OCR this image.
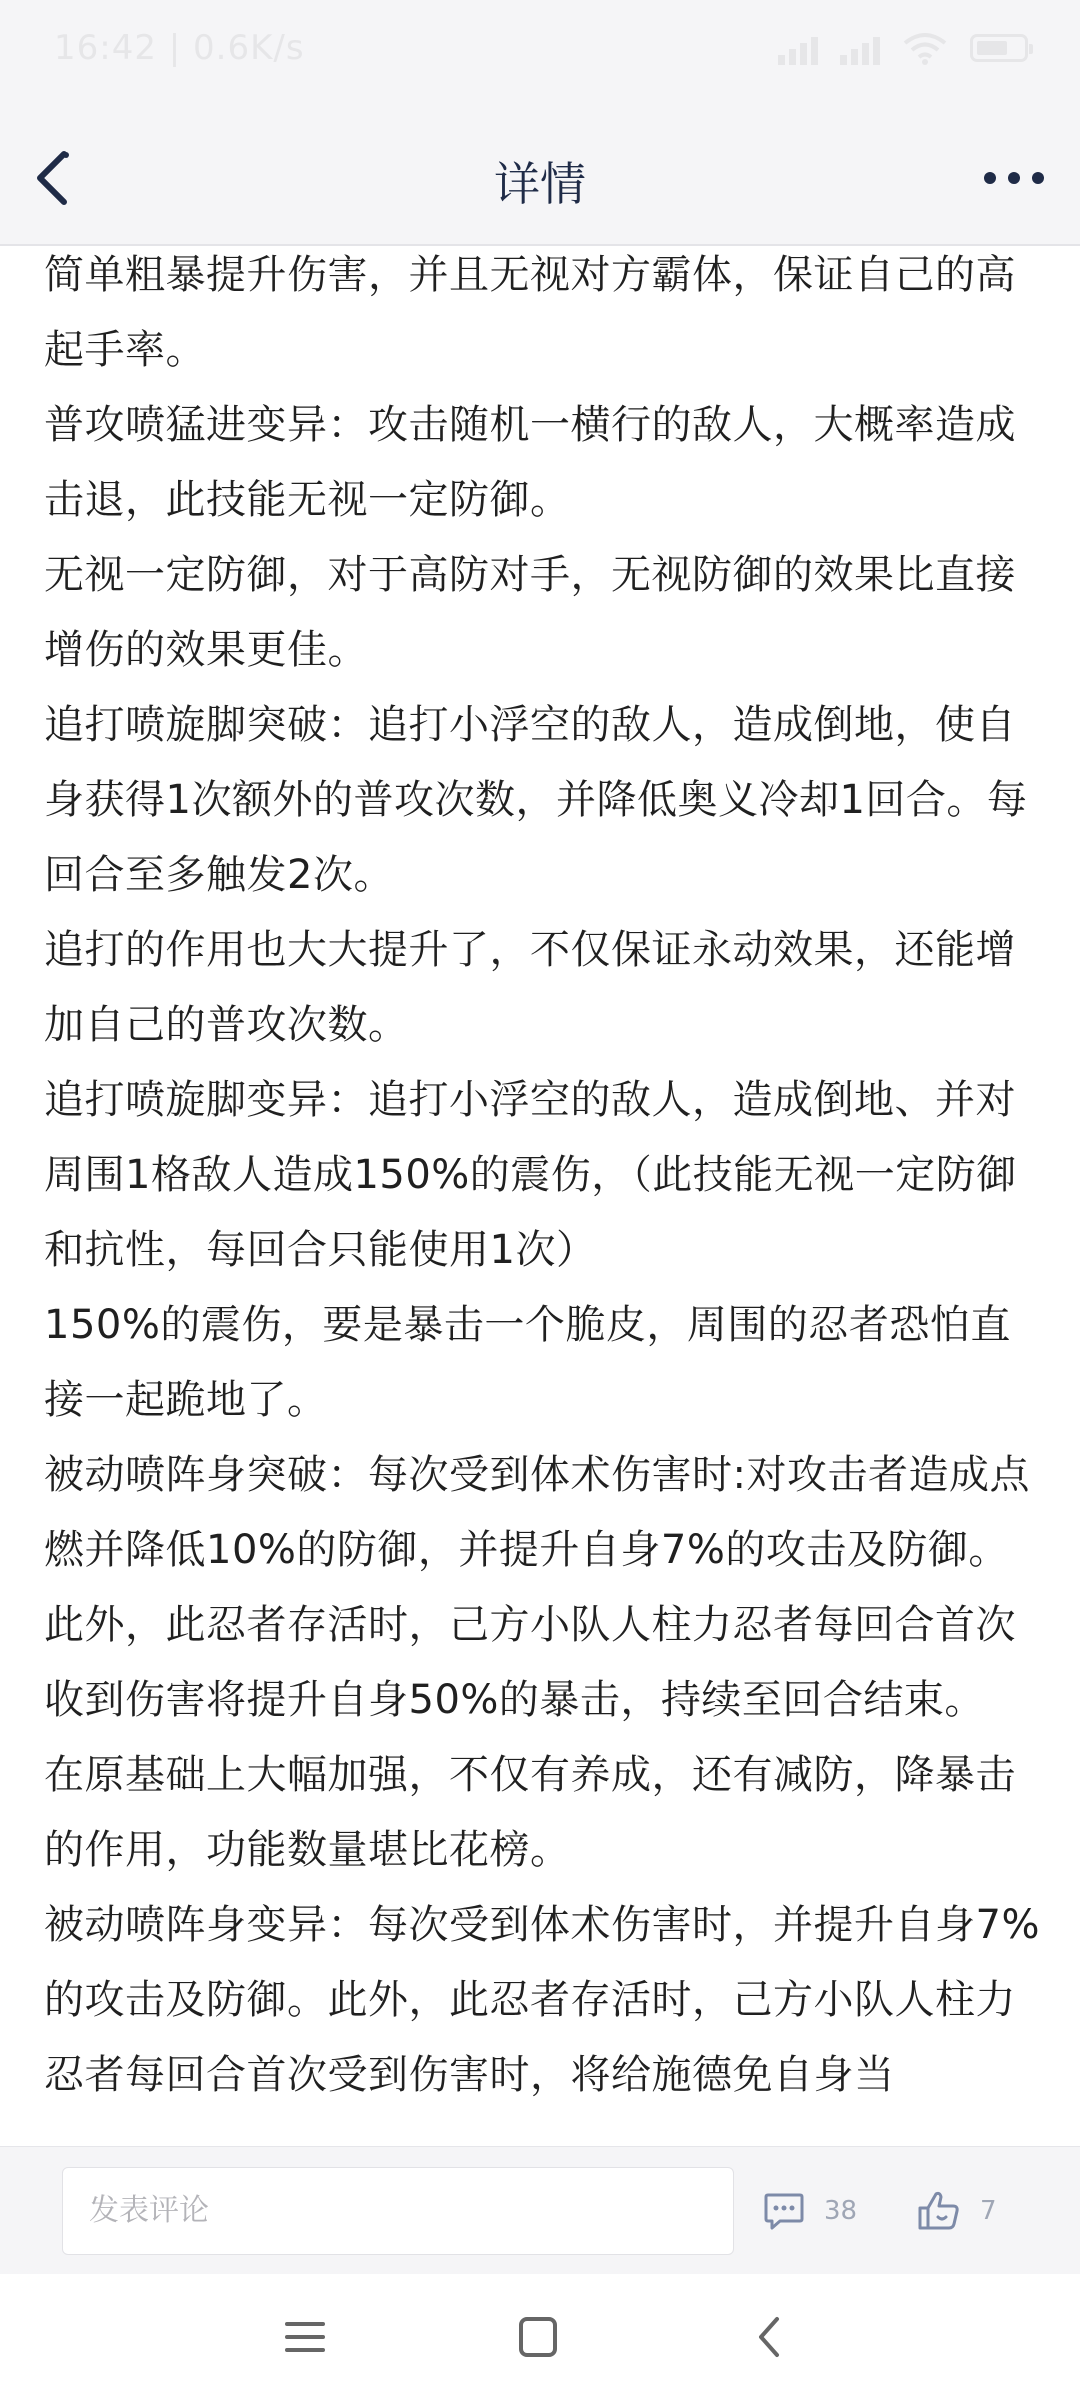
16:42 | 0.6K/s
详情

简单粗暴提升伤害，并且无视对方霸体，保证自己的高起手率。

普攻喷猛进变异：攻击随机一横行的敌人，大概率造成击退，此技能无视一定防御。

无视一定防御，对于高防对手，无视防御的效果比直接增伤的效果更佳。

追打喷旋脚突破：追打小浮空的敌人，造成倒地，使自身获得1次额外的普攻次数，并降低奥义冷却1回合。每回合至多触发2次。

追打的作用也大大提升了，不仅保证永动效果，还能增加自己的普攻次数。

追打喷旋脚变异：追打小浮空的敌人，造成倒地、并对周围1格敌人造成150%的震伤，（此技能无视一定防御和抗性，每回合只能使用1次）

150%的震伤，要是暴击一个脆皮，周围的忍者恐怕直接一起跪地了。

被动喷阵身突破：每次受到体术伤害时:对攻击者造成点燃并降低10%的防御，并提升自身7%的攻击及防御。此外，此忍者存活时，己方小队人柱力忍者每回合首次收到伤害将提升自身50%的暴击，持续至回合结束。

在原基础上大幅加强，不仅有养成，还有减防，降暴击的作用，功能数量堪比花榜。

被动喷阵身变异：每次受到体术伤害时，并提升自身7%的攻击及防御。此外，此忍者存活时，己方小队人柱力忍者每回合首次受到伤害时，将给施德免自身当

发表评论	38	7
